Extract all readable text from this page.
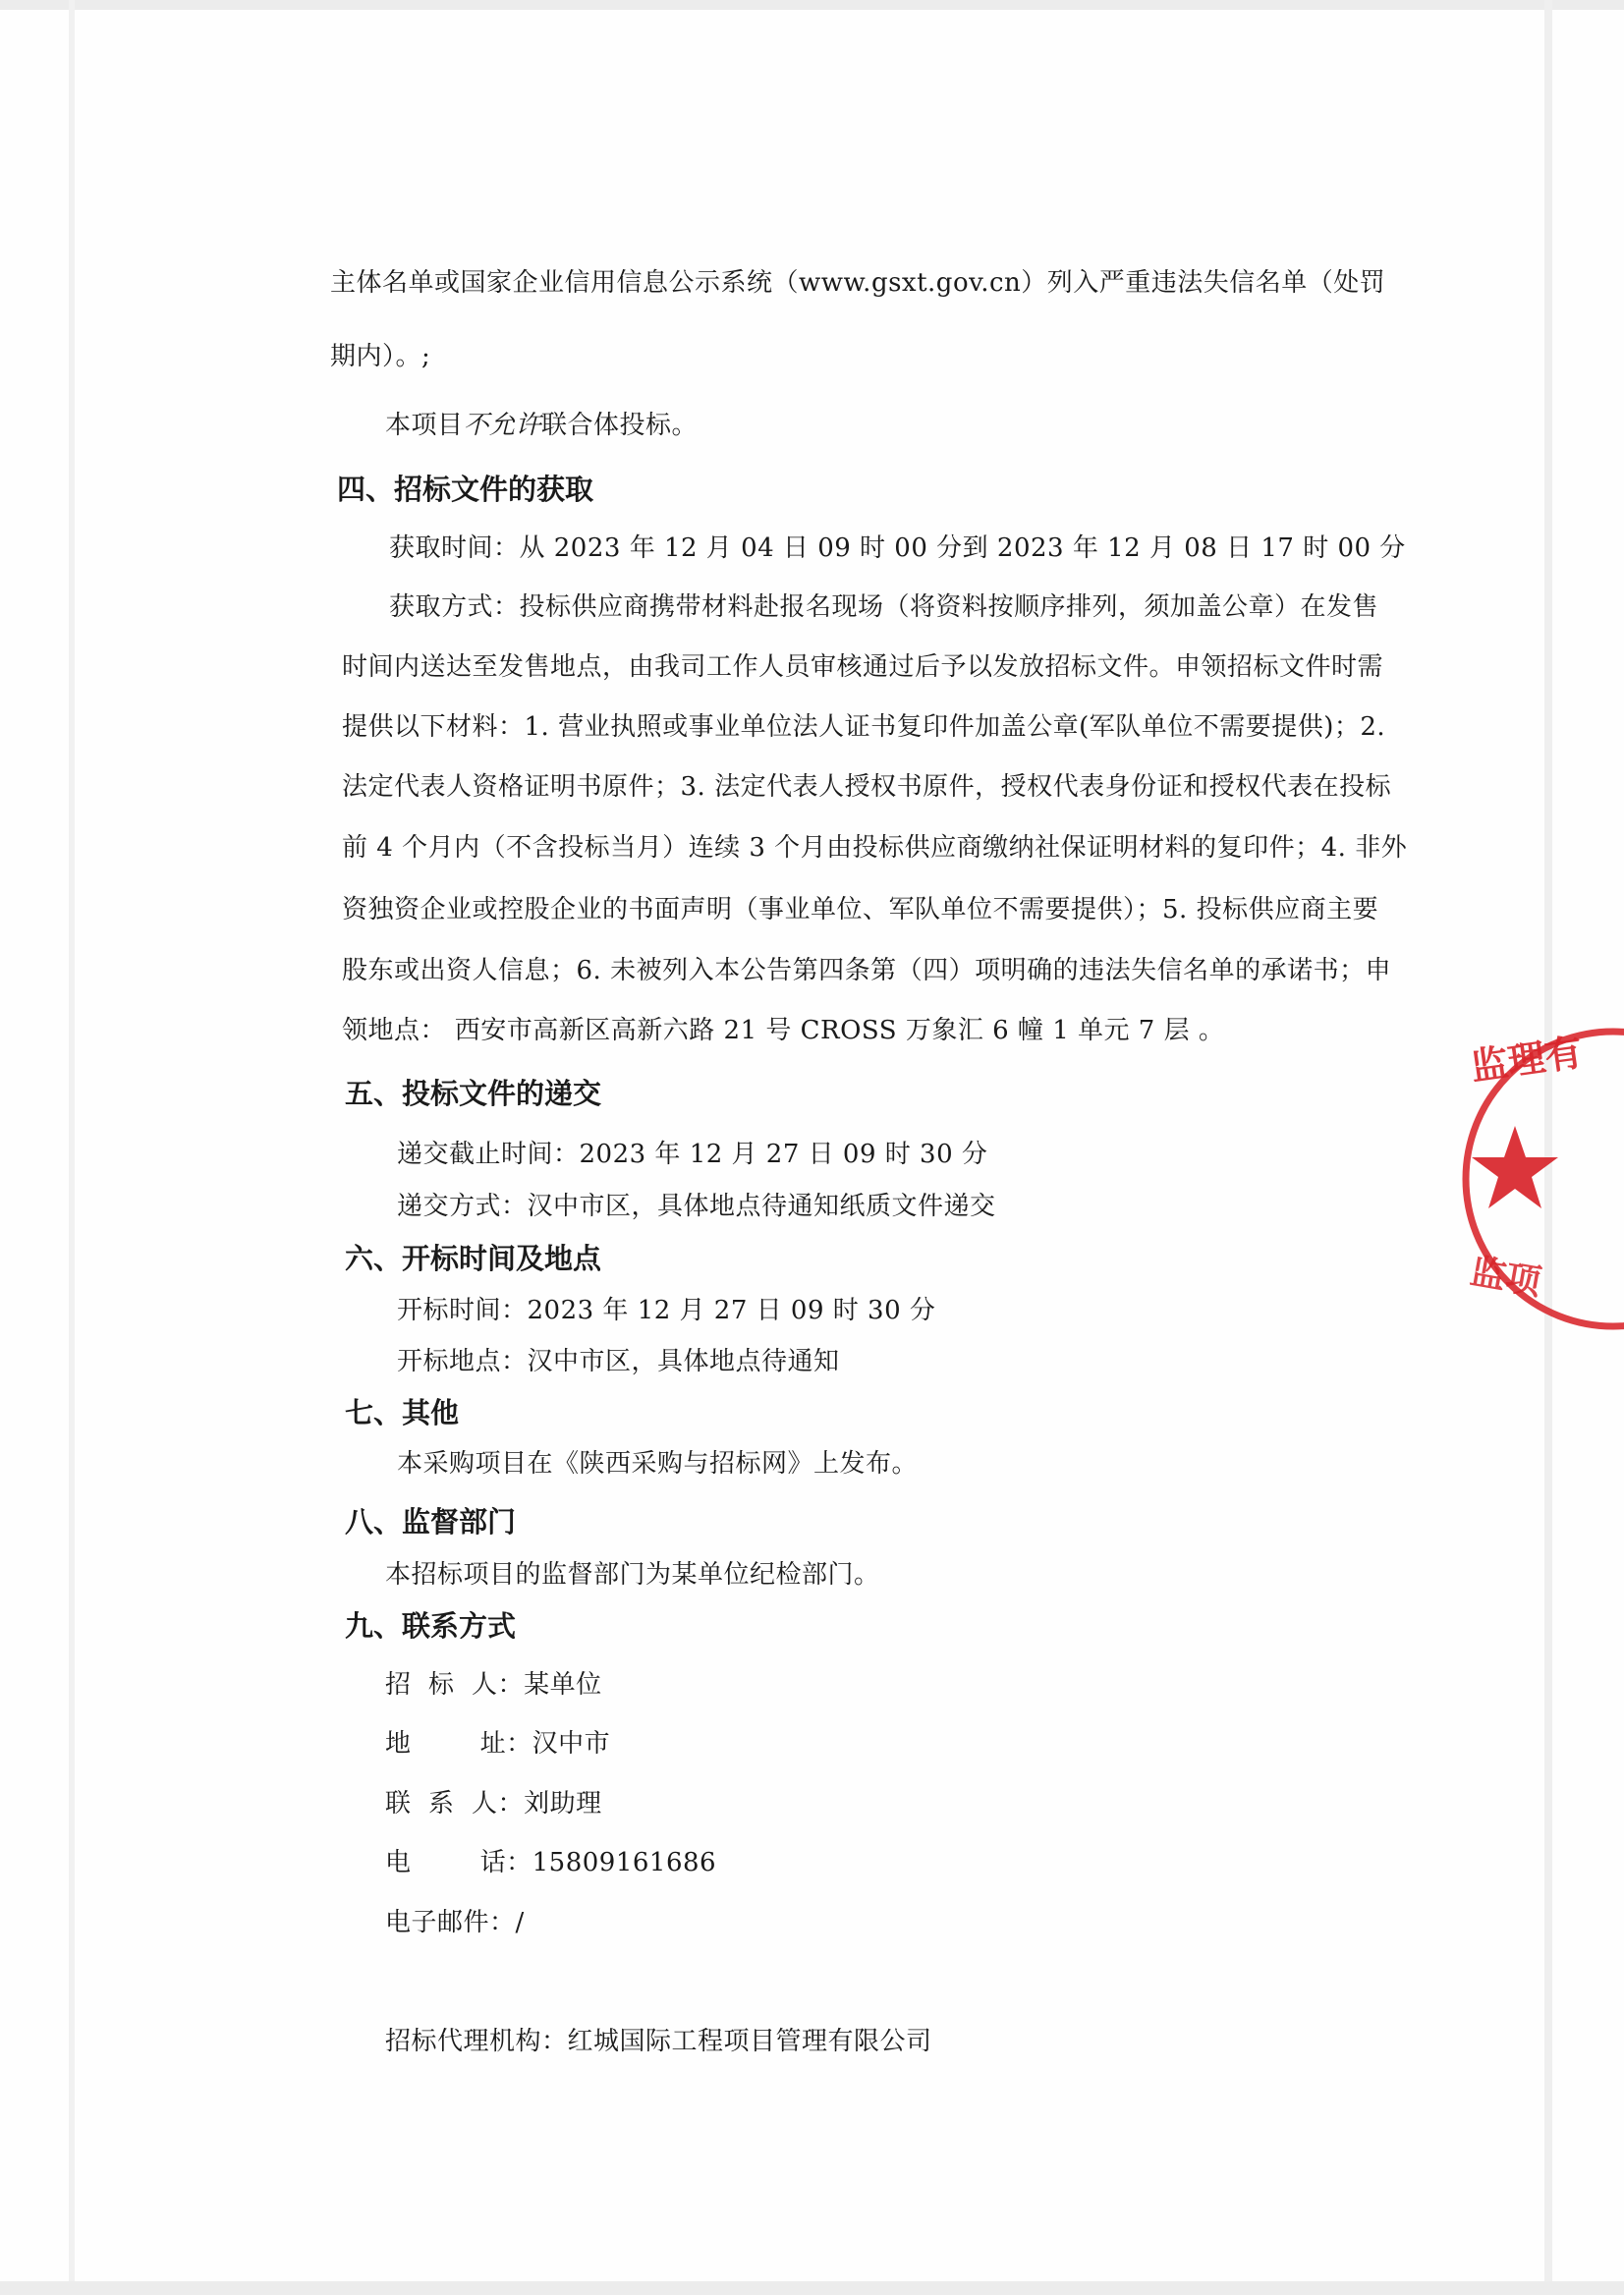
主体名单或国家企业信用信息公示系统（www.gsxt.gov.cn）列入严重违法失信名单（处罚
期内）。;
本项目不允许联合体投标。
四、招标文件的获取
获取时间：从 2023 年 12 月 04 日 09 时 00 分到 2023 年 12 月 08 日 17 时 00 分
获取方式：投标供应商携带材料赴报名现场（将资料按顺序排列，须加盖公章）在发售
时间内送达至发售地点，由我司工作人员审核通过后予以发放招标文件。申领招标文件时需
提供以下材料：1. 营业执照或事业单位法人证书复印件加盖公章(军队单位不需要提供)；2.
法定代表人资格证明书原件；3. 法定代表人授权书原件，授权代表身份证和授权代表在投标
前 4 个月内（不含投标当月）连续 3 个月由投标供应商缴纳社保证明材料的复印件；4. 非外
资独资企业或控股企业的书面声明（事业单位、军队单位不需要提供）；5. 投标供应商主要
股东或出资人信息；6. 未被列入本公告第四条第（四）项明确的违法失信名单的承诺书；申
领地点： 西安市高新区高新六路 21 号 CROSS 万象汇 6 幢 1 单元 7 层 。
五、投标文件的递交
递交截止时间：2023 年 12 月 27 日 09 时 30 分
递交方式：汉中市区，具体地点待通知纸质文件递交
六、开标时间及地点
开标时间：2023 年 12 月 27 日 09 时 30 分
开标地点：汉中市区，具体地点待通知
七、其他
本采购项目在《陕西采购与招标网》上发布。
八、监督部门
本招标项目的监督部门为某单位纪检部门。
九、联系方式
招  标  人：某单位
地        址：汉中市
联  系  人：刘助理
电        话：15809161686
电子邮件：/
招标代理机构：红城国际工程项目管理有限公司
监理有
监项
